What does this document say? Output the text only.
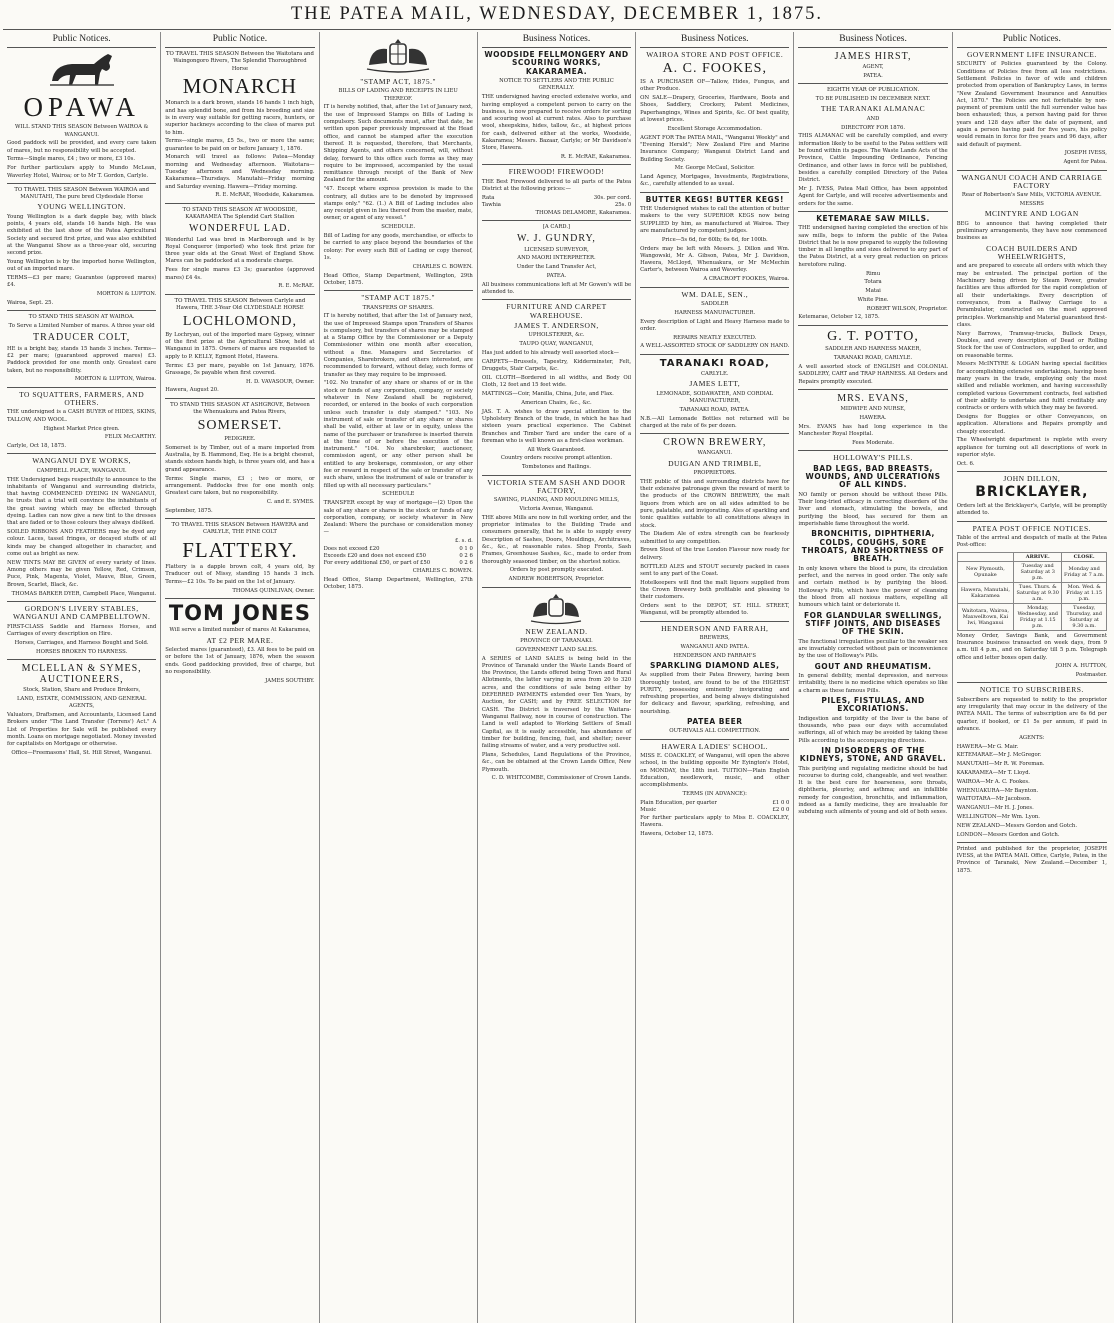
THE PATEA MAIL, WEDNESDAY, DECEMBER 1, 1875.
Public Notices.
OPAWA

WILL STAND THIS SEASON Between WAIROA & WANGANUI.

Good paddock will be provided, and every care taken of mares, but no responsibility will be accepted.

Terms—Single mares, £4 ; two or more, £3 10s.

For further particulars apply to Mundo McLean, Waverley Hotel, Wairoa; or to Mr T. Gordon, Carlyle.

TO TRAVEL THIS SEASON Between WAIROA and MANUTAHI, The pure bred Clydesdale Horse

YOUNG WELLINGTON.

Young Wellington is a dark dapple bay, with black points, 4 years old, stands 16 hands high. He was exhibited at the last show of the Patea Agricultural Society and secured first prize, and was also exhibited at the Wanganui Show as a three-year old, securing second prize.

Young Wellington is by the imported horse Wellington, out of an imported mare.

TERMS—£3 per mare; Guarantee (approved mares) £4.

MORTON & LUPTON.

Wairoa, Sept. 25.

TO STAND THIS SEASON AT WAIROA.

To Serve a Limited Number of mares. A three year old

TRADUCER COLT,

HE is a bright bay, stands 15 hands 3 inches. Terms—£2 per mare; (guaranteed approved mares) £3. Paddock provided for one month only. Greatest care taken, but no responsibility.

MORTON & LUPTON, Wairoa.

TO SQUATTERS, FARMERS, AND OTHERS.

THE undersigned is a CASH BUYER of HIDES, SKINS, TALLOW, AND WOOL.

Highest Market Price given.

FELIX McCARTHY.

Carlyle, Oct 18, 1875.

WANGANUI DYE WORKS,

CAMPBELL PLACE, WANGANUI.

THE Undersigned begs respectfully to announce to the inhabitants of Wanganui and surrounding districts, that having COMMENCED DYEING IN WANGANUI, he trusts that a trial will convince the inhabitants of the great saving which may be effected through dyeing. Ladies can now give a new tint to the dresses that are faded or to those colours they always disliked.

SOILED RIBBONS AND FEATHERS may be dyed any colour. Laces, tassel fringes, or decayed stuffs of all kinds may be changed altogether in character, and come out as bright as new.

NEW TINTS MAY BE GIVEN of every variety of lines. Among others may be given Yellow, Red, Crimson, Puce, Pink, Magenta, Violet, Mauve, Blue, Green, Brown, Scarlet, Black, &c.

THOMAS BARKER DYER, Campbell Place, Wanganui.

GORDON'S LIVERY STABLES, WANGANUI AND CAMPBELLTOWN.

FIRST-CLASS Saddle and Harness Horses, and Carriages of every description on Hire.

Horses, Carriages, and Harness Bought and Sold.

HORSES BROKEN TO HARNESS.

MCLELLAN & SYMES, AUCTIONEERS,

Stock, Station, Share and Produce Brokers,

LAND, ESTATE, COMMISSION, AND GENERAL AGENTS,

Valuators, Draftsmen, and Accountants, Licensed Land Brokers under "The Land Transfer (Torrens') Act." A List of Properties for Sale will be published every month. Loans on mortgage negotiated. Money invested for capitalists on Mortgage or otherwise.

Office—Freemasons' Hall, St. Hill Street, Wanganui.

Public Notice.

TO TRAVEL THIS SEASON Between the Waitotara and Waingongoro Rivers, The Splendid Thoroughbred Horse

MONARCH

Monarch is a dark brown, stands 16 hands 1 inch high, and has splendid bone, and from his breeding and size is in every way suitable for getting racers, hunters, or superior hackneys according to the class of mares put to him.

Terms—single mares, £5 5s., two or more the same; guarantee to be paid on or before January 1, 1876.

Monarch will travel as follows: Patea—Monday morning and Wednesday afternoon. Waitotara—Tuesday afternoon and Wednesday morning. Kakaramea—Thursdays. Manutahi—Friday morning and Saturday evening. Hawera—Friday morning.

R. E. McRAE, Woodside, Kakaramea.

TO STAND THIS SEASON AT WOODSIDE, KAKARAMEA The Splendid Cart Stallion

WONDERFUL LAD.

Wonderful Lad was bred in Marlborough and is by Royal Conqueror (imported) who took first prize for three year olds at the Great West of England Show. Mares can be paddocked at a moderate charge.

Fees for single mares £3 3s; guarantee (approved mares) £4 4s.

R. E. McRAE.

TO TRAVEL THIS SEASON Between Carlyle and Hawera, THE 3-Year Old CLYDESDALE HORSE

LOCHLOMOND,

By Lochryan, out of the imported mare Gypsey, winner of the first prize at the Agricultural Show, held at Wanganui in 1875. Owners of mares are requested to apply to P. KELLY, Egmont Hotel, Hawera.

Terms: £3 per mare, payable on 1st January, 1876. Grassage, 5s payable when first covered.

H. D. VAVASOUR, Owner.

Hawera, August 20.

TO STAND THIS SEASON AT ASHGROVE, Between the Whenuakura and Patea Rivers,

SOMERSET.

PEDIGREE.

Somerset is by Timber, out of a mare imported from Australia, by B. Hammond, Esq. He is a bright chesnut, stands sixteen hands high, is three years old, and has a grand appearance.

Terms: Single mares, £3 ; two or more, or arrangement. Paddocks free for one month only. Greatest care taken, but no responsibility.

C. and E. SYMES.

September, 1875.

TO TRAVEL THIS SEASON Between HAWERA and CARLYLE, THE FINE COLT

FLATTERY.

Flattery is a dapple brown colt, 4 years old, by Traducer out of Missy, standing 15 hands 3 inch. Terms—£2 10s. To be paid on the 1st of January.

THOMAS QUINLIVAN, Owner.

TOM JONES

Will serve a limited number of mares At Kakaramea,

AT £2 PER MARE.

Selected mares (guaranteed), £3. All fees to be paid on or before the 1st of January, 1876, when the season ends. Good paddocking provided, free of charge, but no responsibility.

JAMES SOUTHBY.

"STAMP ACT, 1875."

BILLS OF LADING AND RECEIPTS IN LIEU THEREOF.

IT is hereby notified, that, after the 1st of January next, the use of Impressed Stamps on Bills of Lading is compulsory. Such documents must, after that date, be written upon paper previously impressed at the Head office, and cannot be stamped after the execution thereof. It is requested, therefore, that Merchants, Shipping Agents, and others concerned, will, without delay, forward to this office such forms as they may require to be impressed, accompanied by the usual remittance through receipt of the Bank of New Zealand for the amount.

"47. Except where express provision is made to the contrary, all duties are to be denoted by impressed stamps only." "62. (1.) A Bill of Lading includes also any receipt given in lieu thereof from the master, mate, owner, or agent of any vessel."

SCHEDULE.

Bill of Lading for any goods, merchandise, or effects to be carried to any place beyond the boundaries of the colony: For every such Bill of Lading or copy thereof, 1s.

CHARLES C. BOWEN.

Head Office, Stamp Department, Wellington, 29th October, 1875.

"STAMP ACT 1875."

TRANSFERS OF SHARES.

IT is hereby notified, that after the 1st of January next, the use of Impressed Stamps upon Transfers of Shares is compulsory, but transfers of shares may be stamped at a Stamp Office by the Commissioner or a Deputy Commissioner within one month after execution, without a fine. Managers and Secretaries of Companies, Sharebrokers, and others interested, are recommended to forward, without delay, such forms of transfer as they may require to be impressed.

"102. No transfer of any share or shares of or in the stock or funds of any corporation, company, or society whatever in New Zealand shall be registered, recorded, or entered in the books of such corporation unless such transfer is duly stamped." "103. No instrument of sale or transfer of any share or shares shall be valid, either at law or in equity, unless the name of the purchaser or transferee is inserted therein at the time of or before the execution of the instrument." "104. No sharebroker, auctioneer, commission agent, or any other person shall be entitled to any brokerage, commission, or any other fee or reward in respect of the sale or transfer of any such share, unless the instrument of sale or transfer is filled up with all necessary particulars."

SCHEDULE

TRANSFER except by way of mortgage—(2) Upon the sale of any share or shares in the stock or funds of any corporation, company, or society whatever in New Zealand: Where the purchase or consideration money—

£. s. d.
Does not exceed £20	0 1 0
Exceeds £20 and does not exceed £50	0 2 6
For every additional £50, or part of £50	0 2 6

CHARLES C. BOWEN.

Head Office, Stamp Department, Wellington, 27th October, 1875.

Business Notices.
WOODSIDE FELLMONGERY AND SCOURING WORKS, KAKARAMEA.

NOTICE TO SETTLERS AND THE PUBLIC GENERALLY.

THE undersigned having erected extensive works, and having employed a competent person to carry on the business, is now prepared to receive orders for sorting and scouring wool at current rates. Also to purchase wool, sheepskins, hides, tallow, &c., at highest prices for cash, delivered either at the works, Woodside, Kakaramea; Messrs. Bazaar, Carlyle; or Mr Davidson's Store, Hawera.

R. E. McRAE, Kakaramea.

FIREWOOD! FIREWOOD!

THE Best Firewood delivered to all parts of the Patea District at the following prices:—

Rata	30s. per cord.
Tawhia	25s. 0

THOMAS DELAMORE, Kakaramea.

[A CARD.]

W. J. GUNDRY,

LICENSED SURVEYOR,

AND MAORI INTERPRETER.

Under the Land Transfer Act,

PATEA.

All business communications left at Mr Gowen's will be attended to.

FURNITURE AND CARPET WAREHOUSE.
JAMES T. ANDERSON,

UPHOLSTERER, &c.

TAUPO QUAY, WANGANUI,

Has just added to his already well assorted stock—

CARPETS—Brussels, Tapestry, Kidderminster, Felt, Druggets, Stair Carpets, &c.

OIL CLOTH—Bordered in all widths, and Body Oil Cloth, 12 feet and 15 feet wide.

MATTINGS—Coir, Manilla, China, Jute, and Flax.

American Chairs, &c., &c.

JAS. T. A. wishes to draw special attention to the Upholstery Branch of the trade, in which he has had sixteen years practical experience. The Cabinet Branches and Timber Yard are under the care of a foreman who is well known as a first-class workman.

All Work Guaranteed.

Country orders receive prompt attention.

Tombstones and Railings.

VICTORIA STEAM SASH AND DOOR FACTORY,

SAWING, PLANING, AND MOULDING MILLS,

Victoria Avenue, Wanganui.

THE above Mills are now in full working order, and the proprietor intimates to the Building Trade and consumers generally, that he is able to supply every Description of Sashes, Doors, Mouldings, Architraves, &c., &c., at reasonable rates. Shop Fronts, Sash Frames, Greenhouse Sashes, &c., made to order from thoroughly seasoned timber, on the shortest notice.

Orders by post promptly executed.

ANDREW ROBERTSON, Proprietor.

NEW ZEALAND.

PROVINCE OF TARANAKI.

GOVERNMENT LAND SALES.

A SERIES of LAND SALES is being held in the Province of Taranaki under the Waste Lands Board of the Province, the Lands offered being Town and Rural Allotments, the latter varying in area from 20 to 320 acres, and the conditions of sale being either by DEFERRED PAYMENTS extended over Ten Years, by Auction, for CASH; and by FREE SELECTION for CASH. The District is traversed by the Waitara-Wanganui Railway, now in course of construction. The Land is well adapted to Working Settlers of Small Capital, as it is easily accessible, has abundance of timber for building, fencing, fuel, and shelter; never failing streams of water, and a very productive soil.

Plans, Schedules, Land Regulations of the Province, &c., can be obtained at the Crown Lands Office, New Plymouth.

C. D. WHITCOMBE, Commissioner of Crown Lands.

Business Notices.
WAIROA STORE AND POST OFFICE.
A. C. FOOKES,

IS A PURCHASER OF—Tallow, Hides, Fungus, and other Produce.

ON SALE—Drapery, Groceries, Hardware, Boots and Shoes, Saddlery, Crockery, Patent Medicines, Paperhangings, Wines and Spirits, &c. Of best quality, at lowest prices.

Excellent Storage Accommodation.

AGENT FOR The PATEA MAIL, "Wanganui Weekly" and "Evening Herald"; New Zealand Fire and Marine Insurance Company; Wanganui District Land and Building Society.

Mr. George McCaul, Solicitor.

Land Agency, Mortgages, Investments, Registrations, &c., carefully attended to as usual.

BUTTER KEGS! BUTTER KEGS!

THE Undersigned wishes to call the attention of butter makers to the very SUPERIOR KEGS now being SUPPLIED by him, as manufactured at Wairoa. They are manufactured by competent judges.

Price—5s 6d, for 60lb; 6s 6d, for 100lb.

Orders may be left with Messrs. J. Dillon and Wm. Wangowski, Mr A. Gibson, Patea, Mr J. Davidson, Hawera, McLloyd, Whenuakura, or Mr McMechin Carter's, between Wairoa and Waverley.

A CRACROFT FOOKES, Wairoa.

WM. DALE, SEN.,

SADDLER

HARNESS MANUFACTURER.

Every description of Light and Heavy Harness made to order.

REPAIRS NEATLY EXECUTED.

A WELL-ASSORTED STOCK OF SADDLERY ON HAND.

TARANAKI ROAD,

CARLYLE.

JAMES LETT,

LEMONADE, SODAWATER, AND CORDIAL MANUFACTURER,

TARANAKI ROAD, PATEA.

N.B.—All Lemonade Bottles not returned will be charged at the rate of 6s per dozen.

CROWN BREWERY,

WANGANUI.

DUIGAN AND TRIMBLE,

PROPRIETORS.

THE public of this and surrounding districts have for their extensive patronage given the reward of merit to the products of the CROWN BREWERY, the malt liquors from which are on all sides admitted to be pure, palatable, and invigorating. Ales of sparkling and tonic qualities suitable to all constitutions always in stock.

The Diadem Ale of extra strength can be fearlessly submitted to any competition.

Brown Stout of the true London Flavour now ready for delivery.

BOTTLED ALES and STOUT securely packed in cases sent to any part of the Coast.

Hotelkeepers will find the malt liquors supplied from the Crown Brewery both profitable and pleasing to their customers.

Orders sent to the DEPOT, ST. HILL STREET, Wanganui, will be promptly attended to.

HENDERSON AND FARRAH,

BREWERS,

WANGANUI AND PATEA.

HENDERSON AND FARRAH'S

SPARKLING DIAMOND ALES,

As supplied from their Patea Brewery, having been thoroughly tested, are found to be of the HIGHEST PURITY, possessing eminently invigorating and refreshing properties, and being always distinguished for delicacy and flavour, sparkling, refreshing, and nourishing.

PATEA BEER

OUT-RIVALS ALL COMPETITION.

HAWERA LADIES' SCHOOL.

MISS E. COACKLEY, of Wanganui, will open the above school, in the building opposite Mr Eyington's Hotel, on MONDAY, the 18th inst. TUITION—Plain English Education, needlework, music, and other accomplishments.

TERMS (IN ADVANCE):

Plain Education, per quarter	£1 0 0
Music	£2 0 0

For further particulars apply to Miss E. COACKLEY, Hawera.

Hawera, October 12, 1875.

Business Notices.
JAMES HIRST,

AGENT,

PATEA.

EIGHTH YEAR OF PUBLICATION.

TO BE PUBLISHED IN DECEMBER NEXT.

THE TARANAKI ALMANAC

AND

DIRECTORY FOR 1876.

THIS ALMANAC will be carefully compiled, and every information likely to be useful to the Patea settlers will be found within its pages. The Waste Lands Acts of the Province, Cattle Impounding Ordinance, Fencing Ordinance, and other laws in force will be published, besides a carefully compiled Directory of the Patea District.

Mr J. IVESS, Patea Mail Office, has been appointed Agent for Carlyle, and will receive advertisements and orders for the same.

KETEMARAE SAW MILLS.

THE undersigned having completed the erection of his saw mills, begs to inform the public of the Patea District that he is now prepared to supply the following timber in all lengths and sizes delivered to any part of the Patea District, at a very great reduction on prices heretofore ruling.

Rimu

Totara

Matai

White Pine.

ROBERT WILSON, Proprietor.

Ketemarae, October 12, 1875.

G. T. POTTO,

SADDLER AND HARNESS MAKER,

TARANAKI ROAD, CARLYLE.

A well assorted stock of ENGLISH and COLONIAL SADDLERY, CART and TRAP HARNESS. All Orders and Repairs promptly executed.

MRS. EVANS,

MIDWIFE AND NURSE,

HAWERA.

Mrs. EVANS has had long experience in the Manchester Royal Hospital.

Fees Moderate.

HOLLOWAY'S PILLS.
BAD LEGS, BAD BREASTS, WOUNDS, AND ULCERATIONS OF ALL KINDS.

NO family or person should be without these Pills. Their long-tried efficacy in correcting disorders of the liver and stomach, stimulating the bowels, and purifying the blood, has secured for them an imperishable fame throughout the world.

BRONCHITIS, DIPHTHERIA, COLDS, COUGHS, SORE THROATS, AND SHORTNESS OF BREATH.

In only known where the blood is pure, its circulation perfect, and the nerves in good order. The only safe and certain method is by purifying the blood. Holloway's Pills, which have the power of cleansing the blood from all noxious matters, expelling all humours which taint or deteriorate it.

FOR GLANDULAR SWELLINGS, STIFF JOINTS, AND DISEASES OF THE SKIN.

The functional irregularities peculiar to the weaker sex are invariably corrected without pain or inconvenience by the use of Holloway's Pills.

GOUT AND RHEUMATISM.

In general debility, mental depression, and nervous irritability, there is no medicine which operates so like a charm as these famous Pills.

PILES, FISTULAS, AND EXCORIATIONS.

Indigestion and torpidity of the liver is the bane of thousands, who pass our days with accumulated sufferings, all of which may be avoided by taking these Pills according to the accompanying directions.

IN DISORDERS OF THE KIDNEYS, STONE, AND GRAVEL.

This purifying and regulating medicine should be had recourse to during cold, changeable, and wet weather. It is the best cure for hoarseness, sore throats, diphtheria, pleurisy, and asthma; and an infallible remedy for congestion, bronchitis, and inflammation, indeed as a family medicine, they are invaluable for subduing such ailments of young and old of both sexes.

Public Notices.
GOVERNMENT LIFE INSURANCE.

SECURITY of Policies guaranteed by the Colony. Conditions of Policies free from all less restrictions. Settlement Policies in favor of wife and children protected from operation of Bankruptcy Laws, in terms "New Zealand Government Insurance and Annuities Act, 1870." The Policies are not forfeitable by non-payment of premium until the full surrender value has been exhausted; thus, a person having paid for three years and 128 days after the date of payment, and again a person having paid for five years, his policy would remain in force for five years and 96 days, after said default of payment.

JOSEPH IVESS,

Agent for Patea.

WANGANUI COACH AND CARRIAGE FACTORY

Rear of Robertson's Saw Mills, VICTORIA AVENUE.

MESSRS

MCINTYRE AND LOGAN

BEG to announce that having completed their preliminary arrangements, they have now commenced business as

COACH BUILDERS AND WHEELWRIGHTS,

and are prepared to execute all orders with which they may be entrusted. The principal portion of the Machinery being driven by Steam Power, greater facilities are thus afforded for the rapid completion of all their undertakings. Every description of conveyance, from a Railway Carriage to a Perambulator, constructed on the most approved principles. Workmanship and Material guaranteed first-class.

Navy Barrows, Tramway-trucks, Bullock Drays, Doubles, and every description of Dead or Rolling Stock for the use of Contractors, supplied to order, and on reasonable terms.

Messrs McINTYRE & LOGAN having special facilities for accomplishing extensive undertakings, having been many years in the trade, employing only the most skilled and reliable workmen, and having successfully completed various Government contracts, feel satisfied of their ability to undertake and fulfil creditably any contracts or orders with which they may be favored.

Designs for Buggies or other Conveyances, on application. Alterations and Repairs promptly and cheaply executed.

The Wheelwright department is replete with every appliance for turning out all descriptions of work in superior style.

Oct. 6.

JOHN DILLON,
BRICKLAYER,

Orders left at the Bricklayer's, Carlyle, will be promptly attended to.

PATEA POST OFFICE NOTICES.

Table of the arrival and despatch of mails at the Patea Post-office:

	ARRIVE.	CLOSE.
New Plymouth, Opunake	Tuesday and Saturday at 3 p.m.	Monday and Friday at 7 a.m.
Hawera, Manutahi, Kakaramea	Tues. Thurs. & Saturday at 9.30 a.m.	Mon. Wed. & Friday at 1.15 p.m.
Waitotara, Wairoa, Maxwelltown, Kai Iwi, Wanganui	Monday, Wednesday, and Friday at 1.15 p.m.	Tuesday, Thursday, and Saturday at 9.30 a.m.

Money Order, Savings Bank, and Government Insurance business transacted on week days, from 9 a.m. till 4 p.m., and on Saturday till 5 p.m. Telegraph office and letter boxes open daily.

JOHN A. HUTTON,

Postmaster.

NOTICE TO SUBSCRIBERS.

Subscribers are requested to notify to the proprietor any irregularity that may occur in the delivery of the PATEA MAIL. The terms of subscription are 6s 6d per quarter, if booked, or £1 5s per annum, if paid in advance.

AGENTS:

HAWERA—Mr G. Mair.

KETEMARAE—Mr J. McGregor.

MANUTAHI—Mr R. W. Foreman.

KAKARAMEA—Mr T. Lloyd.

WAIROA—Mr A. C. Fookes.

WHENUAKURA—Mr Baynton.

WAITOTARA—Mr Jacobson.

WANGANUI—Mr H. J. Jones.

WELLINGTON—Mr Wm. Lyon.

NEW ZEALAND—Messrs Gordon and Gotch.

LONDON—Messrs Gordon and Gotch.

Printed and published for the proprietor, JOSEPH IVESS, at the PATEA MAIL Office, Carlyle, Patea, in the Province of Taranaki, New Zealand.—December 1, 1875.
